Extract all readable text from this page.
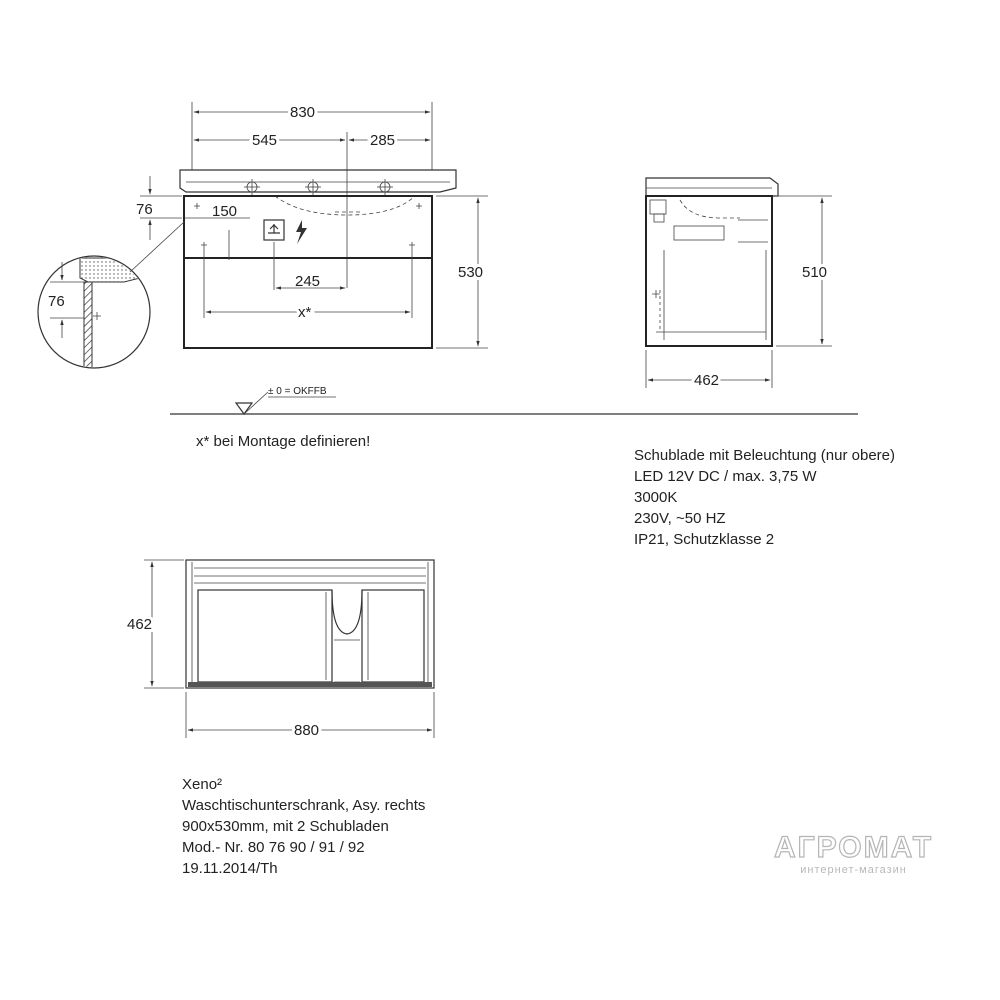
830
545	285
150
245
x*
530
76
76
510
462
± 0 = OKFFB
462
880
x* bei Montage definieren!
Schublade mit Beleuchtung (nur obere)
LED 12V DC / max. 3,75 W
3000K
230V, ~50 HZ
IP21, Schutzklasse 2
Xeno²
Waschtischunterschrank, Asy. rechts
900x530mm, mit 2 Schubladen
Mod.- Nr. 80 76 90 / 91 / 92
19.11.2014/Th
АГРОМАТ
интернет-магазин
